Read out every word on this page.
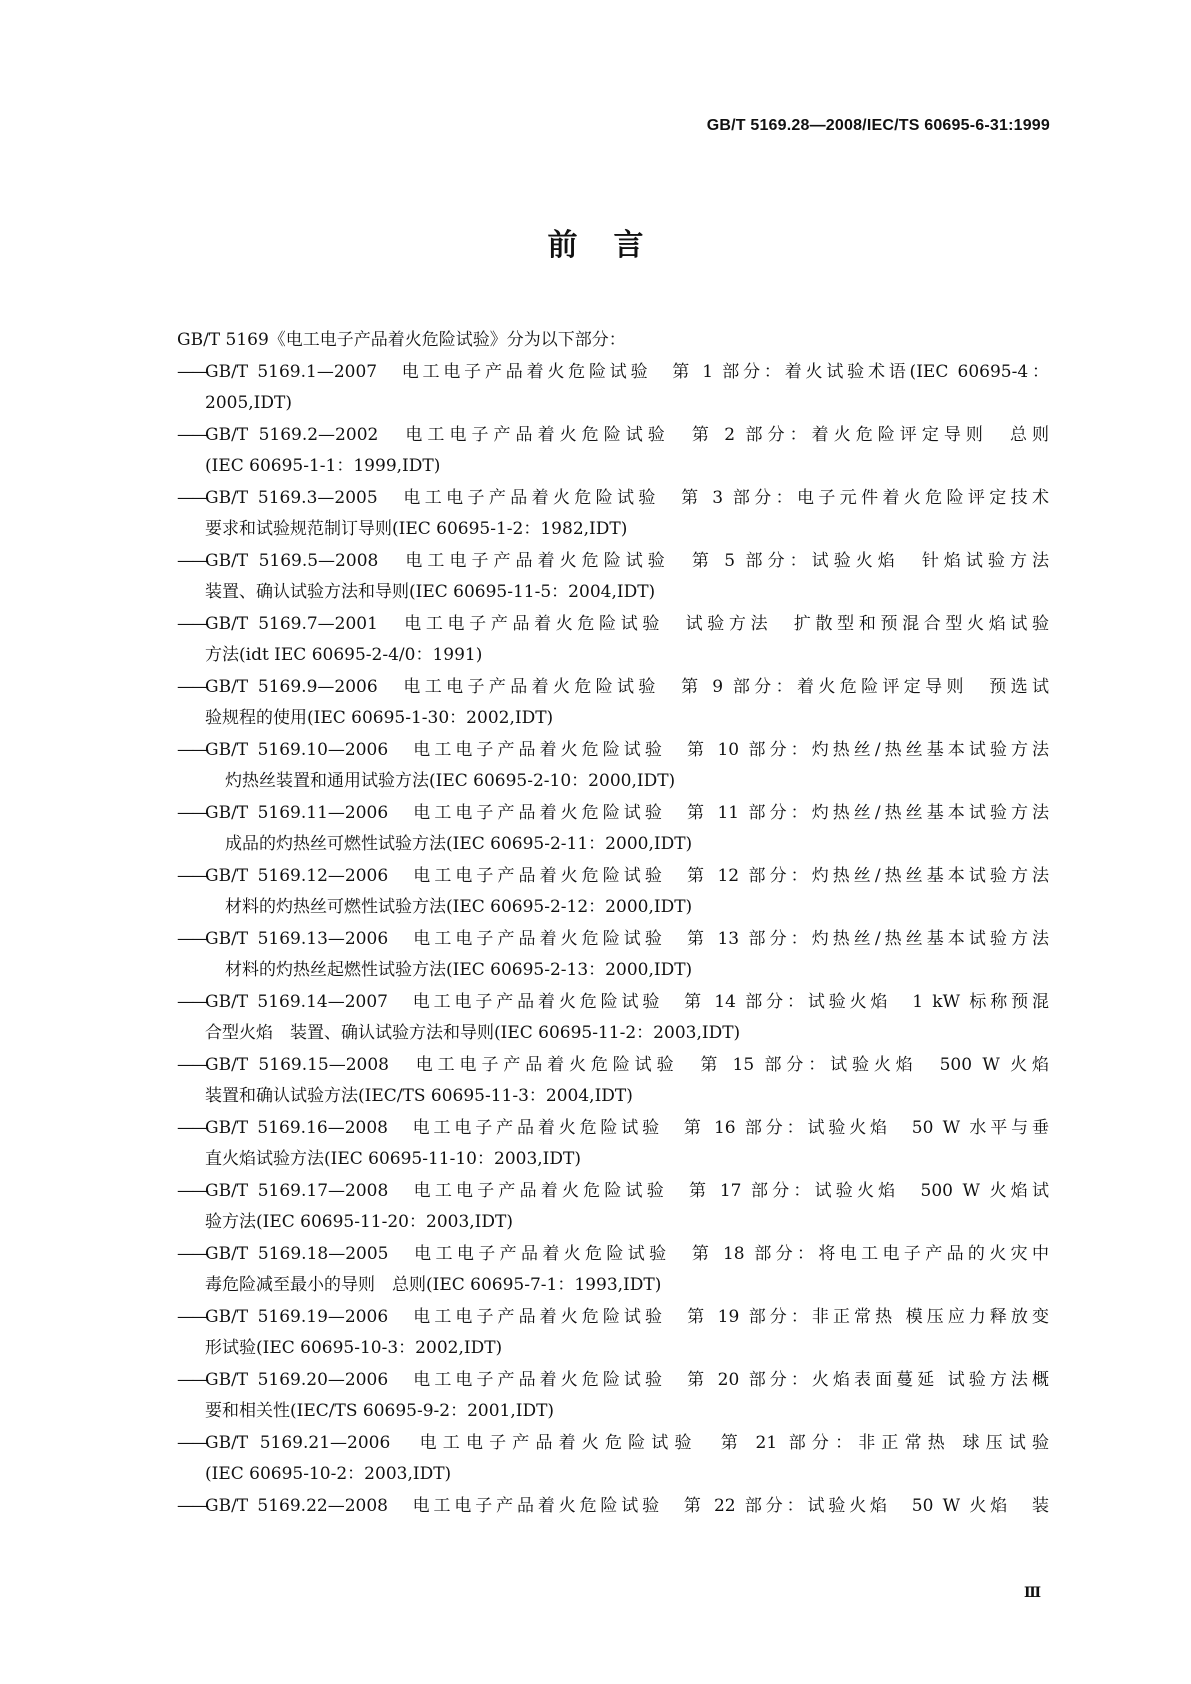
GB/T 5169.28—2008/IEC/TS 60695-6-31:1999
前言

GB/T 5169《电工电子产品着火危险试验》分为以下部分：

——
GB/T 5169.1—2007　电工电子产品着火危险试验　第 1 部分：着火试验术语(IEC 60695-4：
2005,IDT)
——
GB/T 5169.2—2002　电工电子产品着火危险试验　第 2 部分：着火危险评定导则　总则
(IEC 60695-1-1：1999,IDT)
——
GB/T 5169.3—2005　电工电子产品着火危险试验　第 3 部分：电子元件着火危险评定技术
要求和试验规范制订导则(IEC 60695-1-2：1982,IDT)
——
GB/T 5169.5—2008　电工电子产品着火危险试验　第 5 部分：试验火焰　针焰试验方法
装置、确认试验方法和导则(IEC 60695-11-5：2004,IDT)
——
GB/T 5169.7—2001　电工电子产品着火危险试验　试验方法　扩散型和预混合型火焰试验
方法(idt IEC 60695-2-4/0：1991)
——
GB/T 5169.9—2006　电工电子产品着火危险试验　第 9 部分：着火危险评定导则　预选试
验规程的使用(IEC 60695-1-30：2002,IDT)
——
GB/T 5169.10—2006　电工电子产品着火危险试验　第 10 部分：灼热丝/热丝基本试验方法
灼热丝装置和通用试验方法(IEC 60695-2-10：2000,IDT)
——
GB/T 5169.11—2006　电工电子产品着火危险试验　第 11 部分：灼热丝/热丝基本试验方法
成品的灼热丝可燃性试验方法(IEC 60695-2-11：2000,IDT)
——
GB/T 5169.12—2006　电工电子产品着火危险试验　第 12 部分：灼热丝/热丝基本试验方法
材料的灼热丝可燃性试验方法(IEC 60695-2-12：2000,IDT)
——
GB/T 5169.13—2006　电工电子产品着火危险试验　第 13 部分：灼热丝/热丝基本试验方法
材料的灼热丝起燃性试验方法(IEC 60695-2-13：2000,IDT)
——
GB/T 5169.14—2007　电工电子产品着火危险试验　第 14 部分：试验火焰　1 kW 标称预混
合型火焰　装置、确认试验方法和导则(IEC 60695-11-2：2003,IDT)
——
GB/T 5169.15—2008　电工电子产品着火危险试验　第 15 部分：试验火焰　500 W 火焰
装置和确认试验方法(IEC/TS 60695-11-3：2004,IDT)
——
GB/T 5169.16—2008　电工电子产品着火危险试验　第 16 部分：试验火焰　50 W 水平与垂
直火焰试验方法(IEC 60695-11-10：2003,IDT)
——
GB/T 5169.17—2008　电工电子产品着火危险试验　第 17 部分：试验火焰　500 W 火焰试
验方法(IEC 60695-11-20：2003,IDT)
——
GB/T 5169.18—2005　电工电子产品着火危险试验　第 18 部分：将电工电子产品的火灾中
毒危险减至最小的导则　总则(IEC 60695-7-1：1993,IDT)
——
GB/T 5169.19—2006　电工电子产品着火危险试验　第 19 部分：非正常热 模压应力释放变
形试验(IEC 60695-10-3：2002,IDT)
——
GB/T 5169.20—2006　电工电子产品着火危险试验　第 20 部分：火焰表面蔓延 试验方法概
要和相关性(IEC/TS 60695-9-2：2001,IDT)
——
GB/T 5169.21—2006　电工电子产品着火危险试验　第 21 部分：非正常热 球压试验
(IEC 60695-10-2：2003,IDT)
——
GB/T 5169.22—2008　电工电子产品着火危险试验　第 22 部分：试验火焰　50 W 火焰　装
Ⅲ
